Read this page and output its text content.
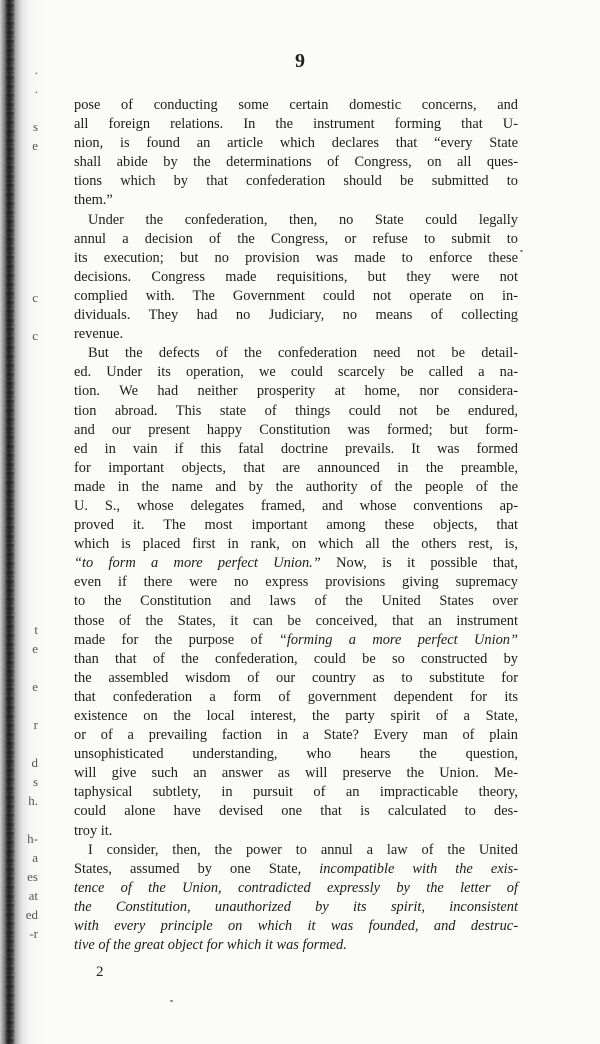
.
.

s
e

c

c
t
e

e

r

d
s
h.

h-
a
es
at
ed
-r
9
pose of conducting some certain domestic concerns, and
all foreign relations. In the instrument forming that U-
nion, is found an article which declares that “every State
shall abide by the determinations of Congress, on all ques-
tions which by that confederation should be submitted to
them.”
Under the confederation, then, no State could legally
annul a decision of the Congress, or refuse to submit to
its execution; but no provision was made to enforce these
decisions. Congress made requisitions, but they were not
complied with. The Government could not operate on in-
dividuals. They had no Judiciary, no means of collecting
revenue.
But the defects of the confederation need not be detail-
ed. Under its operation, we could scarcely be called a na-
tion. We had neither prosperity at home, nor considera-
tion abroad. This state of things could not be endured,
and our present happy Constitution was formed; but form-
ed in vain if this fatal doctrine prevails. It was formed
for important objects, that are announced in the preamble,
made in the name and by the authority of the people of the
U. S., whose delegates framed, and whose conventions ap-
proved it. The most important among these objects, that
which is placed first in rank, on which all the others rest, is,
“to form a more perfect Union.” Now, is it possible that,
even if there were no express provisions giving supremacy
to the Constitution and laws of the United States over
those of the States, it can be conceived, that an instrument
made for the purpose of “forming a more perfect Union”
than that of the confederation, could be so constructed by
the assembled wisdom of our country as to substitute for
that confederation a form of government dependent for its
existence on the local interest, the party spirit of a State,
or of a prevailing faction in a State? Every man of plain
unsophisticated understanding, who hears the question,
will give such an answer as will preserve the Union. Me-
taphysical subtlety, in pursuit of an impracticable theory,
could alone have devised one that is calculated to des-
troy it.
I consider, then, the power to annul a law of the United
States, assumed by one State, incompatible with the exis-
tence of the Union, contradicted expressly by the letter of
the Constitution, unauthorized by its spirit, inconsistent
with every principle on which it was founded, and destruc-
tive of the great object for which it was formed.
2
